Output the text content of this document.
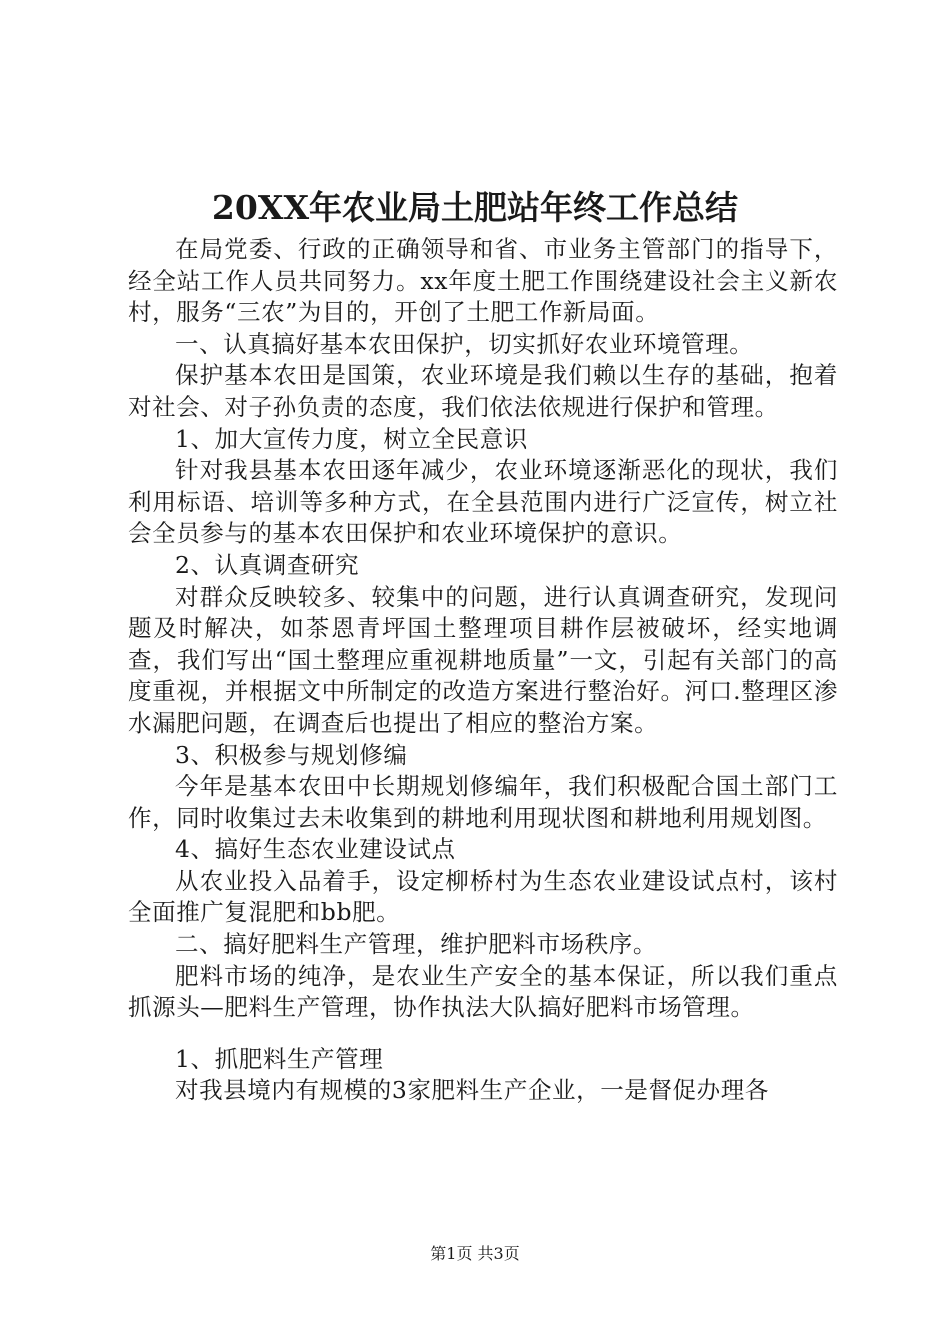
20XX年农业局土肥站年终工作总结

在局党委、行政的正确领导和省、市业务主管部门的指导下，经全站工作人员共同努力。xx年度土肥工作围绕建设社会主义新农村，服务“三农”为目的，开创了土肥工作新局面。

一、认真搞好基本农田保护，切实抓好农业环境管理。

保护基本农田是国策，农业环境是我们赖以生存的基础，抱着对社会、对子孙负责的态度，我们依法依规进行保护和管理。

1、加大宣传力度，树立全民意识

针对我县基本农田逐年减少，农业环境逐渐恶化的现状，我们利用标语、培训等多种方式，在全县范围内进行广泛宣传，树立社会全员参与的基本农田保护和农业环境保护的意识。

2、认真调查研究

对群众反映较多、较集中的问题，进行认真调查研究，发现问题及时解决，如茶恩青坪国土整理项目耕作层被破坏，经实地调查，我们写出“国土整理应重视耕地质量”一文，引起有关部门的高度重视，并根据文中所制定的改造方案进行整治好。河口.整理区渗水漏肥问题，在调查后也提出了相应的整治方案。

3、积极参与规划修编

今年是基本农田中长期规划修编年，我们积极配合国土部门工作，同时收集过去未收集到的耕地利用现状图和耕地利用规划图。

4、搞好生态农业建设试点

从农业投入品着手，设定柳桥村为生态农业建设试点村，该村全面推广复混肥和bb肥。

二、搞好肥料生产管理，维护肥料市场秩序。

肥料市场的纯净，是农业生产安全的基本保证，所以我们重点抓源头—肥料生产管理，协作执法大队搞好肥料市场管理。

1、抓肥料生产管理

对我县境内有规模的3家肥料生产企业，一是督促办理各

第1页 共3页
